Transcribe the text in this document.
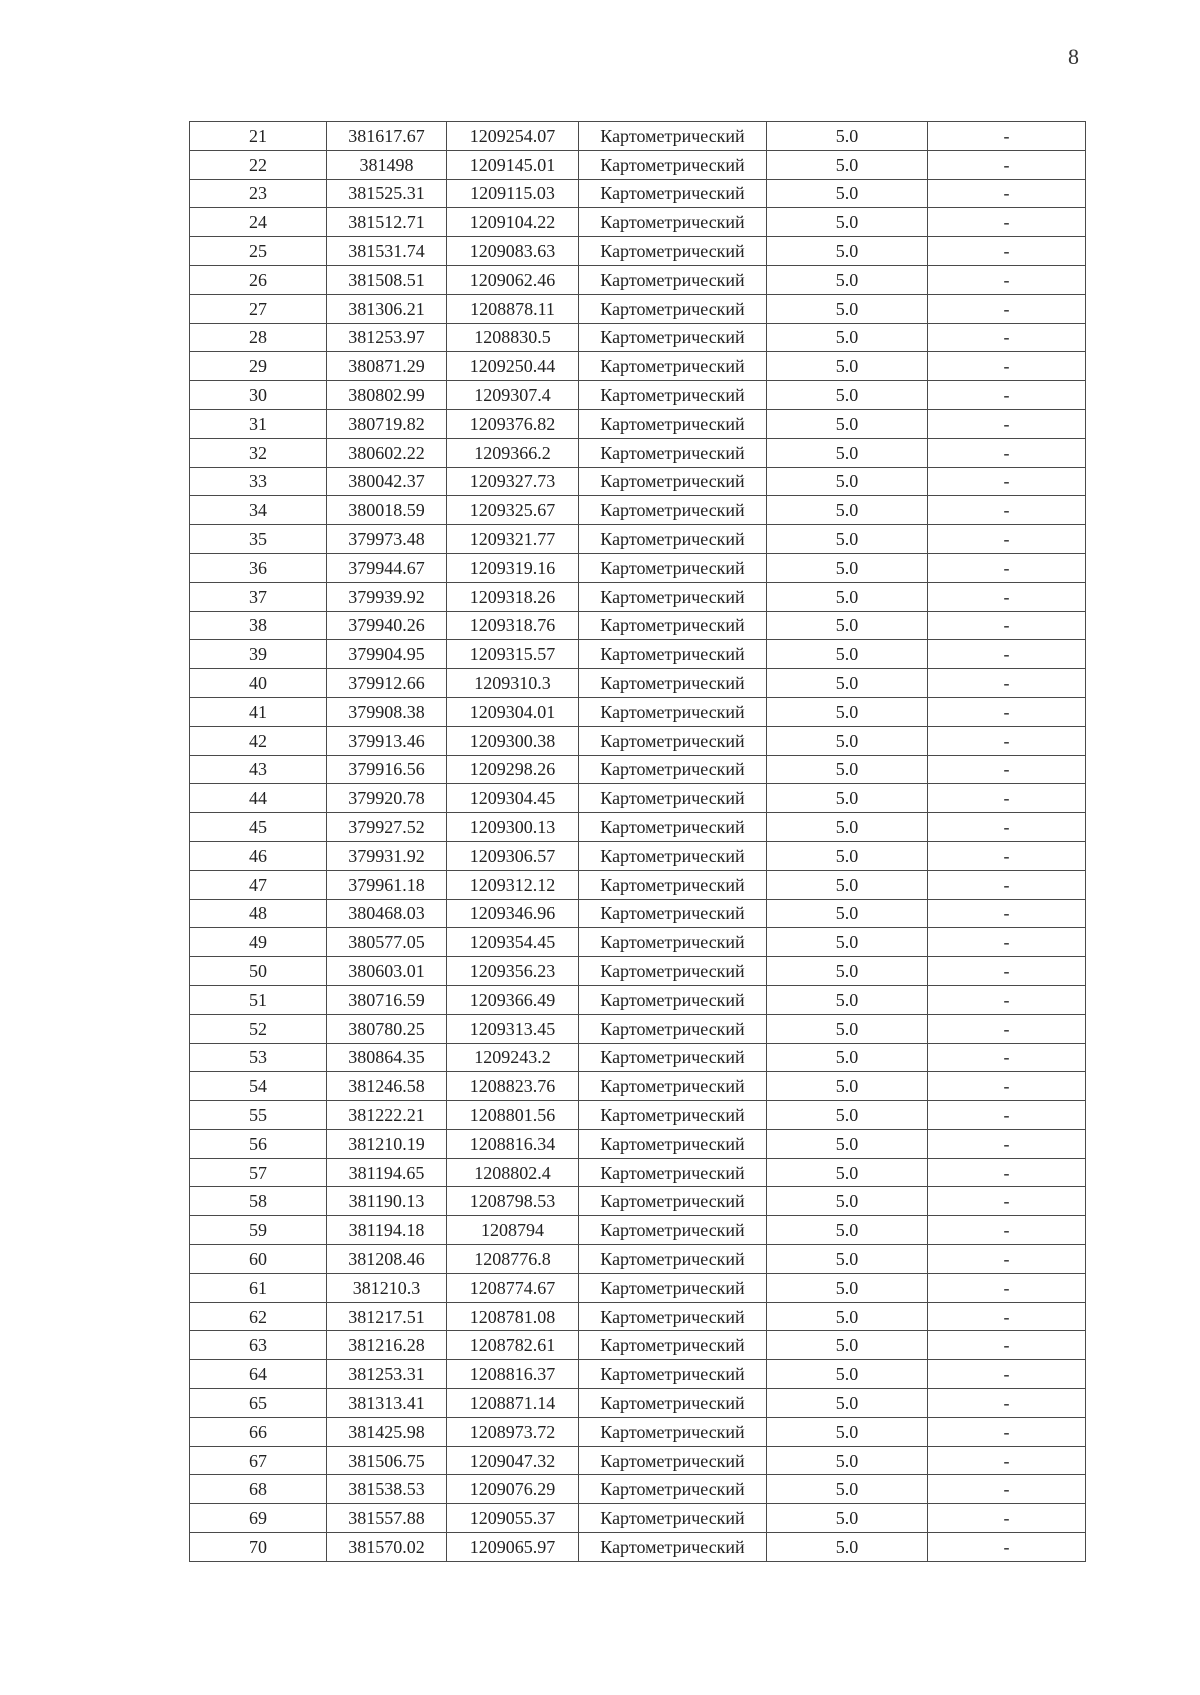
8
21	381617.67	1209254.07	Картометрический	5.0	-
22	381498	1209145.01	Картометрический	5.0	-
23	381525.31	1209115.03	Картометрический	5.0	-
24	381512.71	1209104.22	Картометрический	5.0	-
25	381531.74	1209083.63	Картометрический	5.0	-
26	381508.51	1209062.46	Картометрический	5.0	-
27	381306.21	1208878.11	Картометрический	5.0	-
28	381253.97	1208830.5	Картометрический	5.0	-
29	380871.29	1209250.44	Картометрический	5.0	-
30	380802.99	1209307.4	Картометрический	5.0	-
31	380719.82	1209376.82	Картометрический	5.0	-
32	380602.22	1209366.2	Картометрический	5.0	-
33	380042.37	1209327.73	Картометрический	5.0	-
34	380018.59	1209325.67	Картометрический	5.0	-
35	379973.48	1209321.77	Картометрический	5.0	-
36	379944.67	1209319.16	Картометрический	5.0	-
37	379939.92	1209318.26	Картометрический	5.0	-
38	379940.26	1209318.76	Картометрический	5.0	-
39	379904.95	1209315.57	Картометрический	5.0	-
40	379912.66	1209310.3	Картометрический	5.0	-
41	379908.38	1209304.01	Картометрический	5.0	-
42	379913.46	1209300.38	Картометрический	5.0	-
43	379916.56	1209298.26	Картометрический	5.0	-
44	379920.78	1209304.45	Картометрический	5.0	-
45	379927.52	1209300.13	Картометрический	5.0	-
46	379931.92	1209306.57	Картометрический	5.0	-
47	379961.18	1209312.12	Картометрический	5.0	-
48	380468.03	1209346.96	Картометрический	5.0	-
49	380577.05	1209354.45	Картометрический	5.0	-
50	380603.01	1209356.23	Картометрический	5.0	-
51	380716.59	1209366.49	Картометрический	5.0	-
52	380780.25	1209313.45	Картометрический	5.0	-
53	380864.35	1209243.2	Картометрический	5.0	-
54	381246.58	1208823.76	Картометрический	5.0	-
55	381222.21	1208801.56	Картометрический	5.0	-
56	381210.19	1208816.34	Картометрический	5.0	-
57	381194.65	1208802.4	Картометрический	5.0	-
58	381190.13	1208798.53	Картометрический	5.0	-
59	381194.18	1208794	Картометрический	5.0	-
60	381208.46	1208776.8	Картометрический	5.0	-
61	381210.3	1208774.67	Картометрический	5.0	-
62	381217.51	1208781.08	Картометрический	5.0	-
63	381216.28	1208782.61	Картометрический	5.0	-
64	381253.31	1208816.37	Картометрический	5.0	-
65	381313.41	1208871.14	Картометрический	5.0	-
66	381425.98	1208973.72	Картометрический	5.0	-
67	381506.75	1209047.32	Картометрический	5.0	-
68	381538.53	1209076.29	Картометрический	5.0	-
69	381557.88	1209055.37	Картометрический	5.0	-
70	381570.02	1209065.97	Картометрический	5.0	-
